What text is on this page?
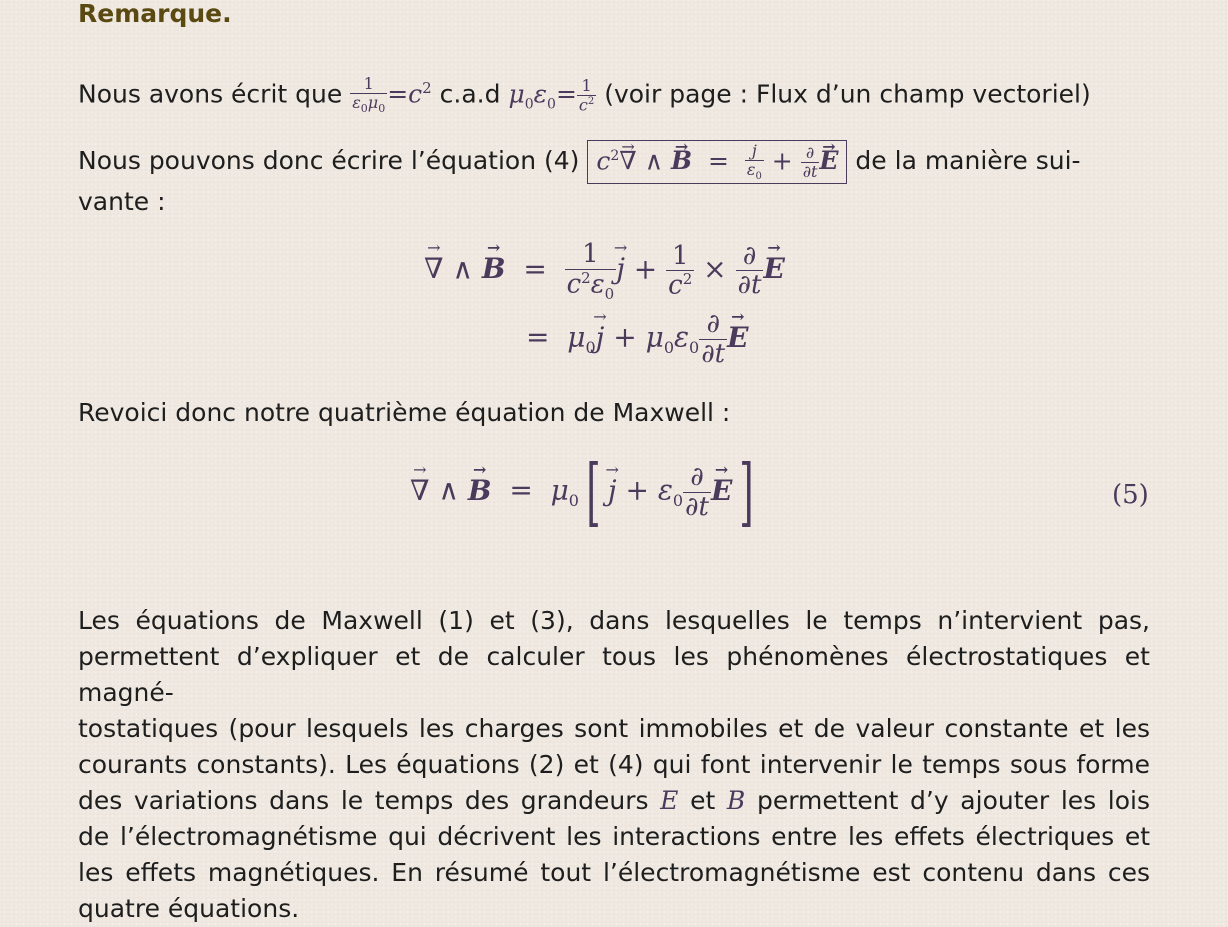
Remarque.
Nous avons écrit que $\frac{1}{\varepsilon_0\mu_0} =c^2$ c.a.d $\mu_0\varepsilon_0= \frac{1}{c^2}$ (voir page : Flux d’un champ vectoriel)
Nous pouvons donc écrire l’équation (4) $c^2\to$ ∇ ∧ → $B = \frac{j}{\varepsilon_0} + \frac{\partial}{\partial t}$
→ E de la manière sui-
vante :
→ ∇ ∧ → $B = \frac{1}{c^2\varepsilon_0}$
→ $j + \frac{1}{c^2} \times \frac{\partial}{\partial t}$
→ E
=  $\mu_0\to j + \mu_0\varepsilon_0 \frac{\partial}{\partial t}$
→ E
Revoici donc notre quatrième équation de Maxwell :
→ ∇ ∧ → $B = \mu_0[\to j + \varepsilon_0 \frac{\partial}{\partial t}$
→ E]	(5)
Les équations de Maxwell (1) et (3), dans lesquelles le temps n’intervient pas,
permettent d’expliquer et de calculer tous les phénomènes électrostatiques et magné-
tostatiques (pour lesquels les charges sont immobiles et de valeur constante et les
courants constants). Les équations (2) et (4) qui font intervenir le temps sous forme
des variations dans le temps des grandeurs E et B permettent d’y ajouter les lois
de l’électromagnétisme qui décrivent les interactions entre les effets électriques et
les effets magnétiques. En résumé tout l’électromagnétisme est contenu dans ces
quatre équations.
